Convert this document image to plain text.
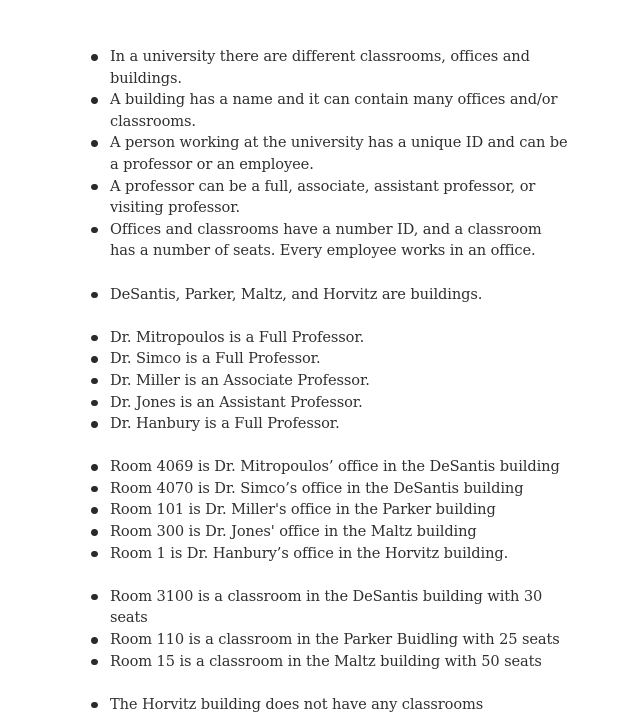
In a university there are different classrooms, offices and buildings.
A building has a name and it can contain many offices and/or classrooms.
A person working at the university has a unique ID and can be a professor or an employee.
A professor can be a full, associate, assistant professor, or visiting professor.
Offices and classrooms have a number ID, and a classroom has a number of seats. Every employee works in an office.
DeSantis, Parker, Maltz, and Horvitz are buildings.
Dr. Mitropoulos is a Full Professor.
Dr. Simco is a Full Professor.
Dr. Miller is an Associate Professor.
Dr. Jones is an Assistant Professor.
Dr. Hanbury is a Full Professor.
Room 4069 is Dr. Mitropoulos’ office in the DeSantis building
Room 4070 is Dr. Simco’s office in the DeSantis building
Room 101 is Dr. Miller's office in the Parker building
Room 300 is Dr. Jones' office in the Maltz building
Room 1 is Dr. Hanbury’s office in the Horvitz building.
Room 3100 is a classroom in the DeSantis building with 30 seats
Room 110 is a classroom in the Parker Buidling with 25 seats
Room 15 is a classroom in the Maltz building with 50 seats
The Horvitz building does not have any classrooms
